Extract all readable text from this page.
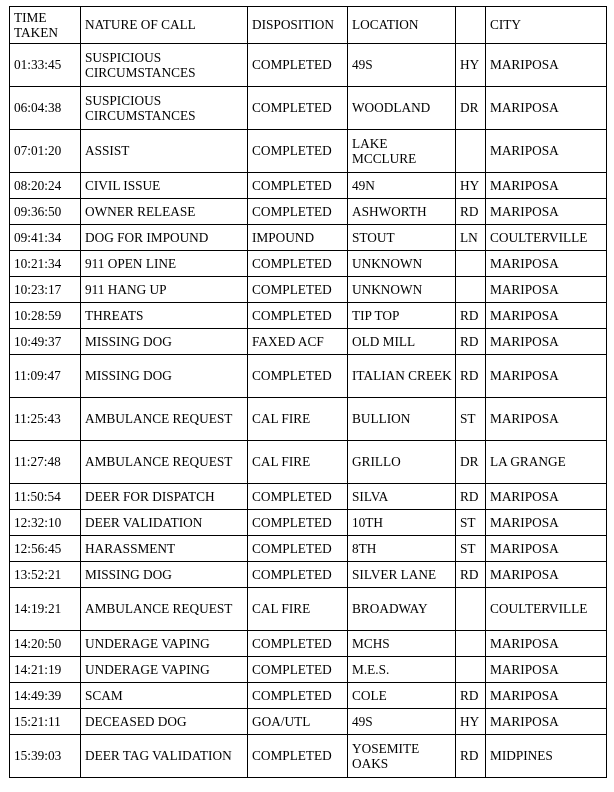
TIME TAKEN	NATURE OF CALL	DISPOSITION	LOCATION		CITY
01:33:45	SUSPICIOUS CIRCUMSTANCES	COMPLETED	49S	HY	MARIPOSA
06:04:38	SUSPICIOUS CIRCUMSTANCES	COMPLETED	WOODLAND	DR	MARIPOSA
07:01:20	ASSIST	COMPLETED	LAKE MCCLURE		MARIPOSA
08:20:24	CIVIL ISSUE	COMPLETED	49N	HY	MARIPOSA
09:36:50	OWNER RELEASE	COMPLETED	ASHWORTH	RD	MARIPOSA
09:41:34	DOG FOR IMPOUND	IMPOUND	STOUT	LN	COULTERVILLE
10:21:34	911 OPEN LINE	COMPLETED	UNKNOWN		MARIPOSA
10:23:17	911 HANG UP	COMPLETED	UNKNOWN		MARIPOSA
10:28:59	THREATS	COMPLETED	TIP TOP	RD	MARIPOSA
10:49:37	MISSING DOG	FAXED ACF	OLD MILL	RD	MARIPOSA
11:09:47	MISSING DOG	COMPLETED	ITALIAN CREEK	RD	MARIPOSA
11:25:43	AMBULANCE REQUEST	CAL FIRE	BULLION	ST	MARIPOSA
11:27:48	AMBULANCE REQUEST	CAL FIRE	GRILLO	DR	LA GRANGE
11:50:54	DEER FOR DISPATCH	COMPLETED	SILVA	RD	MARIPOSA
12:32:10	DEER VALIDATION	COMPLETED	10TH	ST	MARIPOSA
12:56:45	HARASSMENT	COMPLETED	8TH	ST	MARIPOSA
13:52:21	MISSING DOG	COMPLETED	SILVER LANE	RD	MARIPOSA
14:19:21	AMBULANCE REQUEST	CAL FIRE	BROADWAY		COULTERVILLE
14:20:50	UNDERAGE VAPING	COMPLETED	MCHS		MARIPOSA
14:21:19	UNDERAGE VAPING	COMPLETED	M.E.S.		MARIPOSA
14:49:39	SCAM	COMPLETED	COLE	RD	MARIPOSA
15:21:11	DECEASED DOG	GOA/UTL	49S	HY	MARIPOSA
15:39:03	DEER TAG VALIDATION	COMPLETED	YOSEMITE OAKS	RD	MIDPINES
